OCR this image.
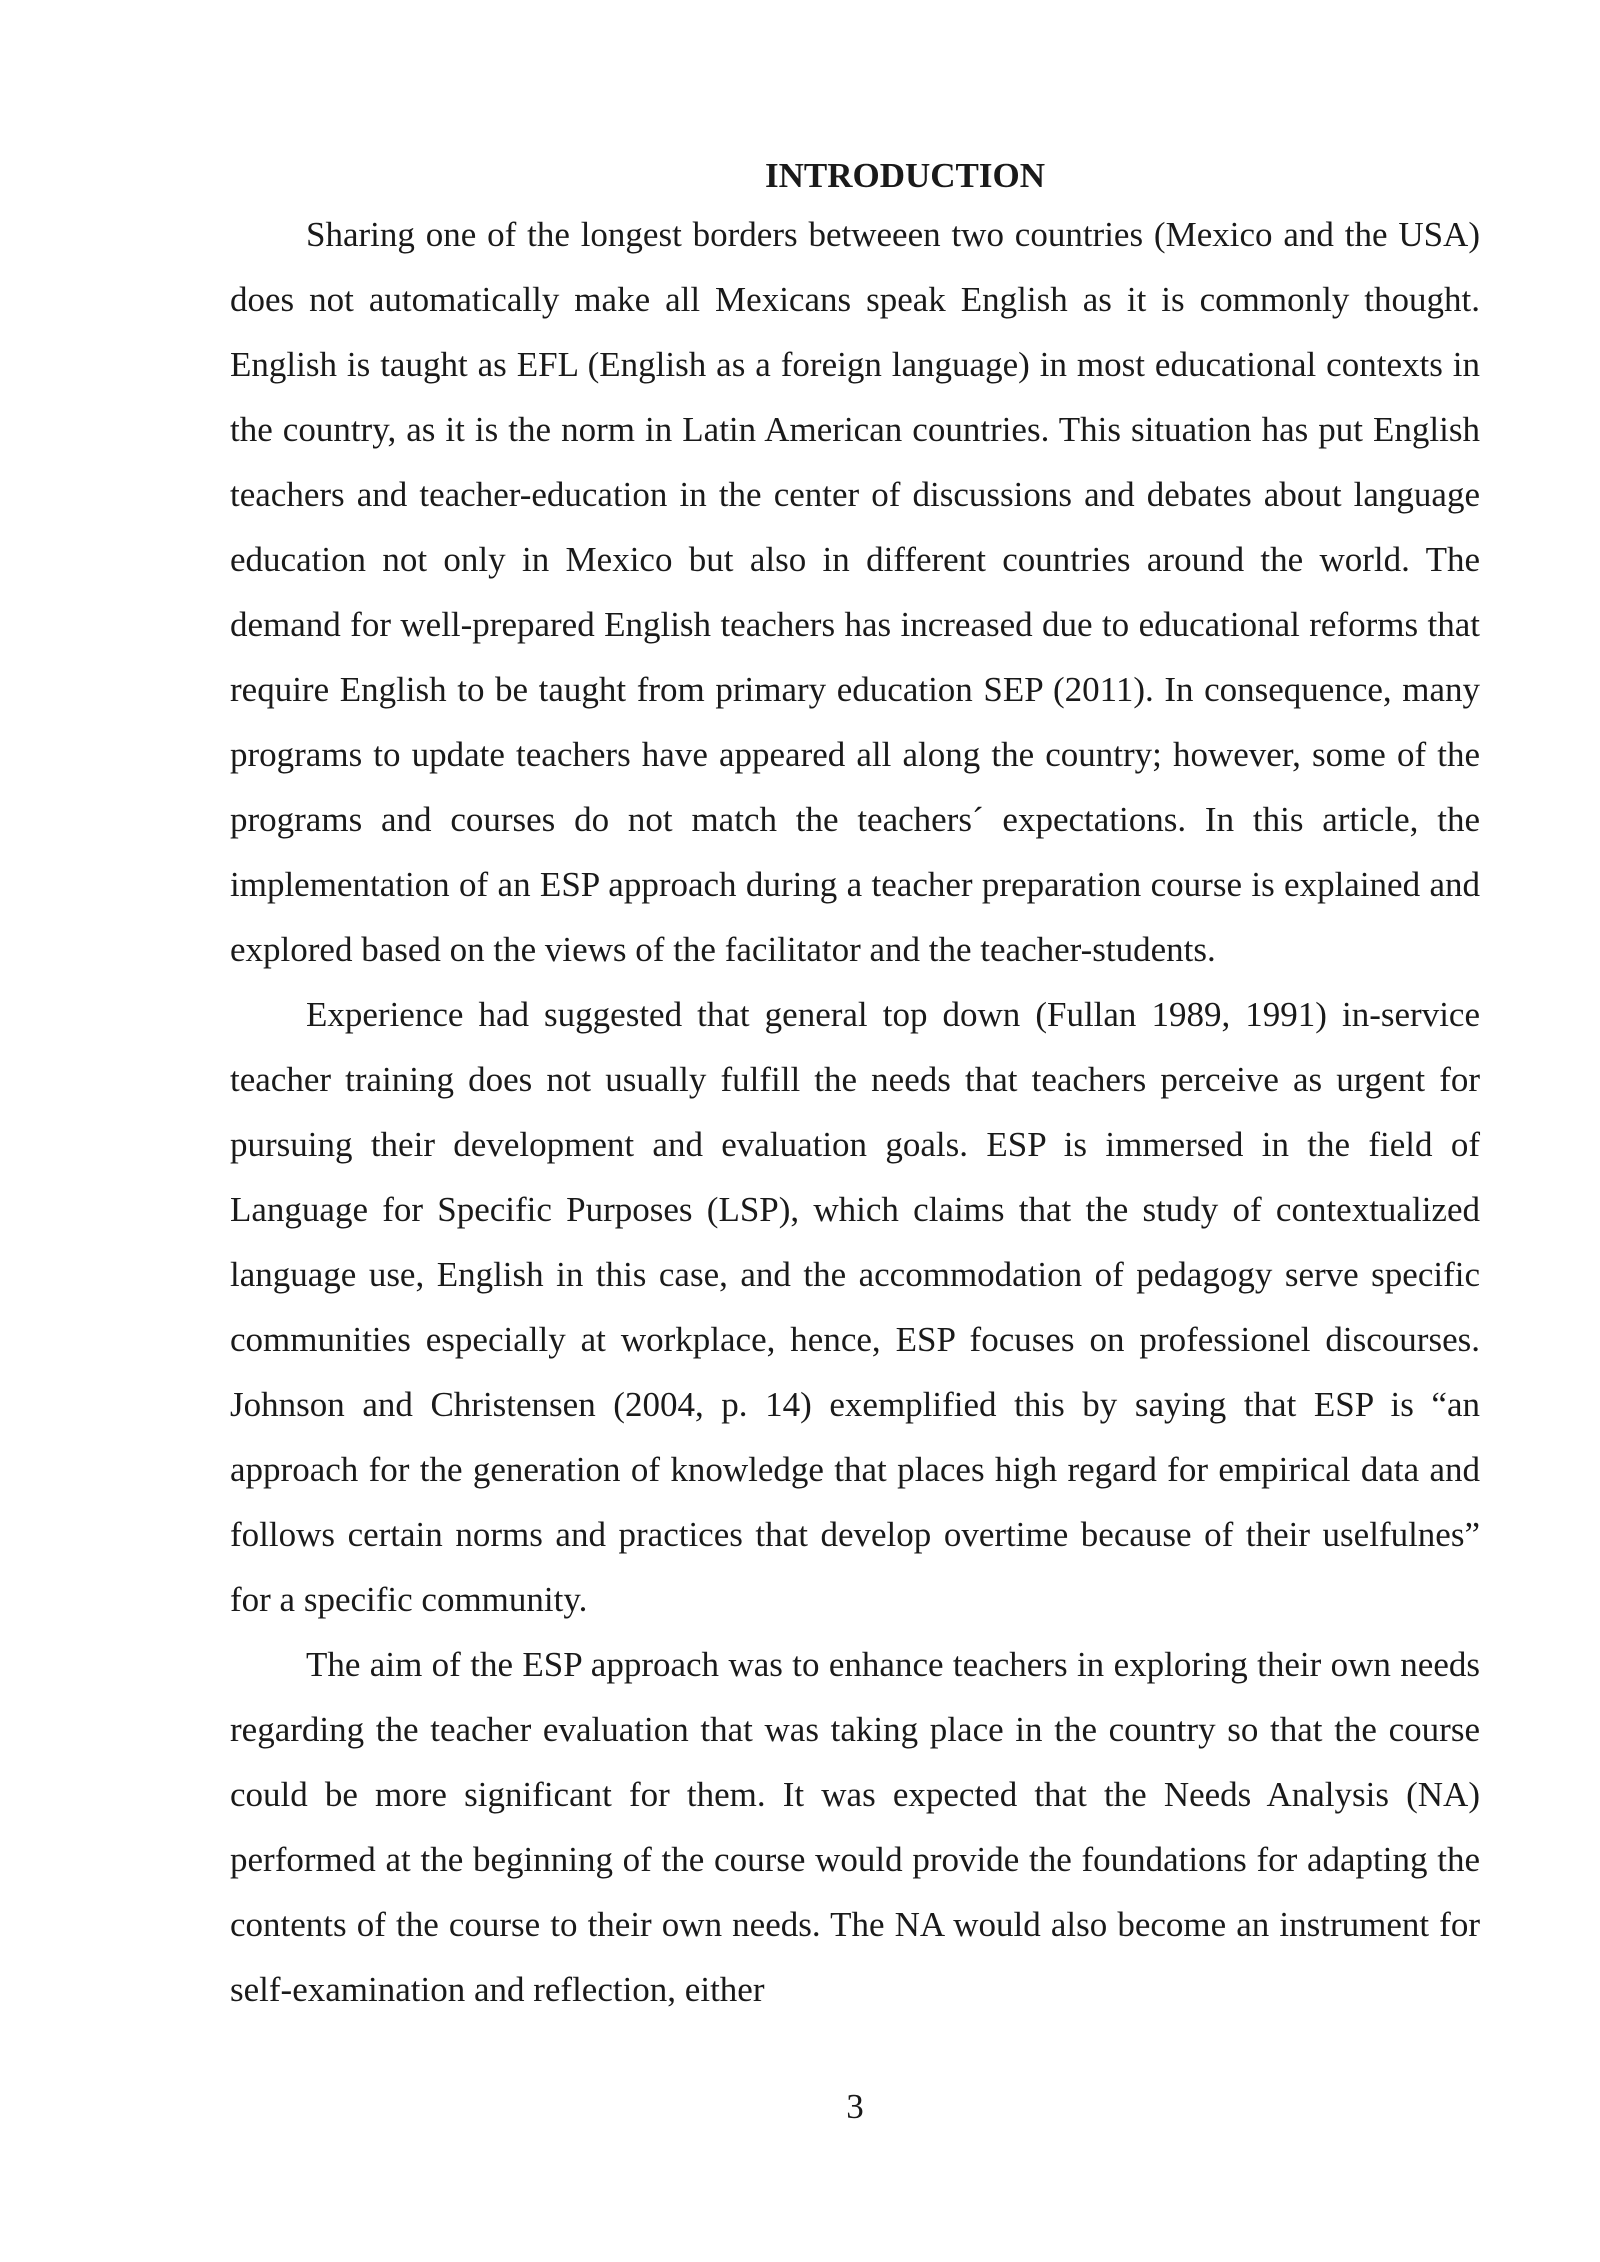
INTRODUCTION

Sharing one of the longest borders betweeen two countries (Mexico and the USA) does not automatically make all Mexicans speak English as it is commonly thought. English is taught as EFL (English as a foreign language) in most educational contexts in the country, as it is the norm in Latin American countries. This situation has put English teachers and teacher-education in the center of discussions and debates about language education not only in Mexico but also in different countries around the world. The demand for well-prepared English teachers has increased due to educational reforms that require English to be taught from primary education SEP (2011). In consequence, many programs to update teachers have appeared all along the country; however, some of the programs and courses do not match the teachers´ expectations. In this article, the implementation of an ESP approach during a teacher preparation course is explained and explored based on the views of the facilitator and the teacher-students.

Experience had suggested that general top down (Fullan 1989, 1991) in-service teacher training does not usually fulfill the needs that teachers perceive as urgent for pursuing their development and evaluation goals. ESP is immersed in the field of Language for Specific Purposes (LSP), which claims that the study of contextualized language use, English in this case, and the accommodation of pedagogy serve specific communities especially at workplace, hence, ESP focuses on professionel discourses. Johnson and Christensen (2004, p. 14) exemplified this by saying that ESP is “an approach for the generation of knowledge that places high regard for empirical data and follows certain norms and practices that develop overtime because of their uselfulnes” for a specific community.

The aim of the ESP approach was to enhance teachers in exploring their own needs regarding the teacher evaluation that was taking place in the country so that the course could be more significant for them. It was expected that the Needs Analysis (NA) performed at the beginning of the course would provide the foundations for adapting the contents of the course to their own needs. The NA would also become an instrument for self-examination and reflection, either

3
